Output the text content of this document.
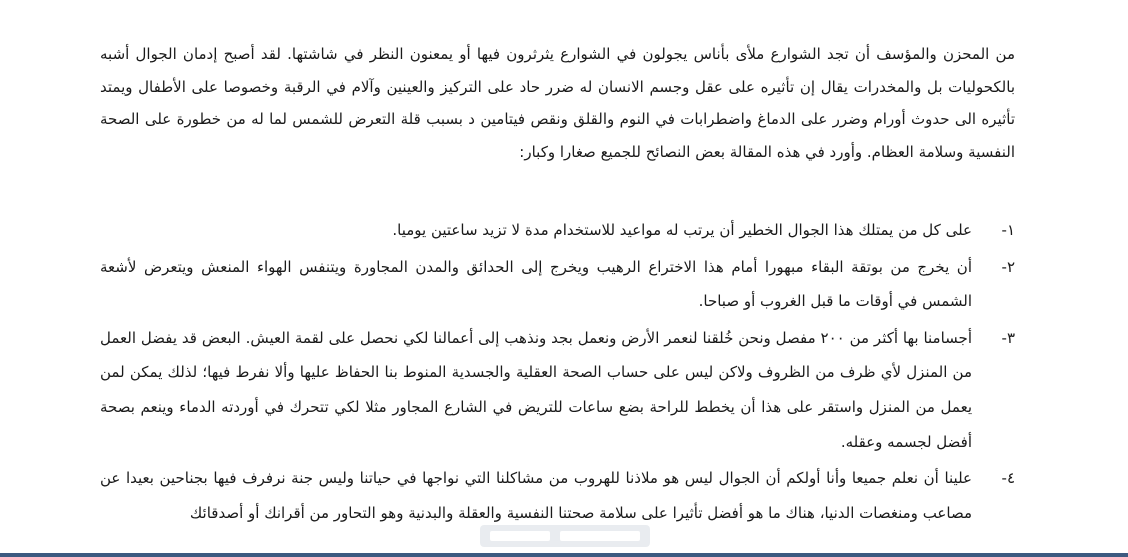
من المحزن والمؤسف أن تجد الشوارع ملأى بأناس يجولون في الشوارع يثرثرون فيها أو يمعنون النظر في شاشتها. لقد أصبح إدمان الجوال أشبه بالكحوليات بل والمخدرات يقال إن تأثيره على عقل وجسم الانسان له ضرر حاد على التركيز والعينين وآلام في الرقبة وخصوصا على الأطفال ويمتد تأثيره الى حدوث أورام وضرر على الدماغ واضطرابات في النوم والقلق ونقص فيتامين د بسبب قلة التعرض للشمس لما له من خطورة على الصحة النفسية وسلامة العظام. وأورد في هذه المقالة بعض النصائح للجميع صغارا وكبار:

١-
على كل من يمتلك هذا الجوال الخطير أن يرتب له مواعيد للاستخدام مدة لا تزيد ساعتين يوميا.
٢-
أن يخرج من بوتقة البقاء مبهورا أمام هذا الاختراع الرهيب ويخرج إلى الحدائق والمدن المجاورة ويتنفس الهواء المنعش ويتعرض لأشعة الشمس في أوقات ما قبل الغروب أو صباحا.
٣-
أجسامنا بها أكثر من ٢٠٠ مفصل ونحن خُلقنا لنعمر الأرض ونعمل بجد ونذهب إلى أعمالنا لكي نحصل على لقمة العيش. البعض قد يفضل العمل من المنزل لأي ظرف من الظروف ولاكن ليس على حساب الصحة العقلية والجسدية المنوط بنا الحفاظ عليها وألا نفرط فيها؛ لذلك يمكن لمن يعمل من المنزل واستقر على هذا أن يخطط للراحة بضع ساعات للتريض في الشارع المجاور مثلا لكي تتحرك في أوردته الدماء وينعم بصحة أفضل لجسمه وعقله.
٤-
علينا أن نعلم جميعا وأنا أولكم أن الجوال ليس هو ملاذنا للهروب من مشاكلنا التي نواجها في حياتنا وليس جنة نرفرف فيها بجناحين بعيدا عن مصاعب ومنغصات الدنيا، هناك ما هو أفضل تأثيرا على سلامة صحتنا النفسية والعقلة والبدنية وهو التحاور من أقرانك أو أصدقائك
